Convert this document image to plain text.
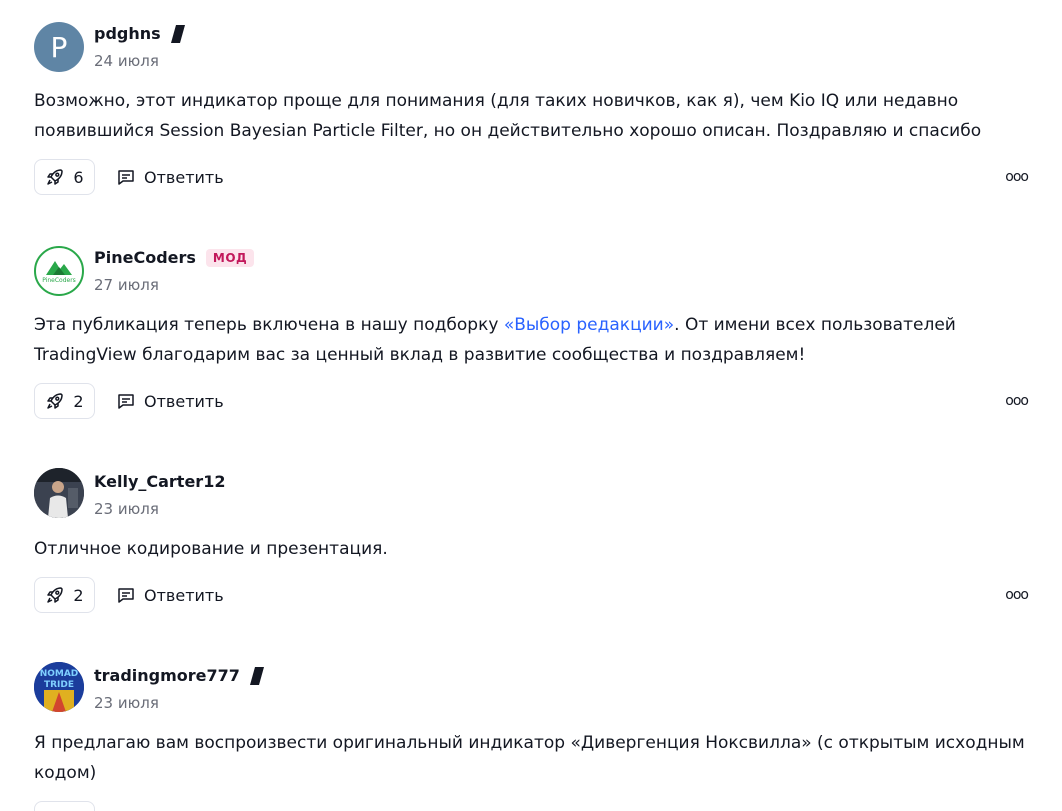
P pdghns
24 июля
Возможно, этот индикатор проще для понимания (для таких новичков, как я), чем Kio IQ или недавно появившийся Session Bayesian Particle Filter, но он действительно хорошо описан. Поздравляю и спасибо
6	Ответить	ооо
PineCoders
PineCoders	МОД
27 июля
Эта публикация теперь включена в нашу подборку «Выбор редакции». От имени всех пользователей TradingView благодарим вас за ценный вклад в развитие сообщества и поздравляем!
2	Ответить	ооо
Kelly_Carter12
23 июля
Отличное кодирование и презентация.
2	Ответить	ооо
NOMAD
TRIDE tradingmore777
23 июля
Я предлагаю вам воспроизвести оригинальный индикатор «Дивергенция Ноксвилла» (с открытым исходным кодом)
